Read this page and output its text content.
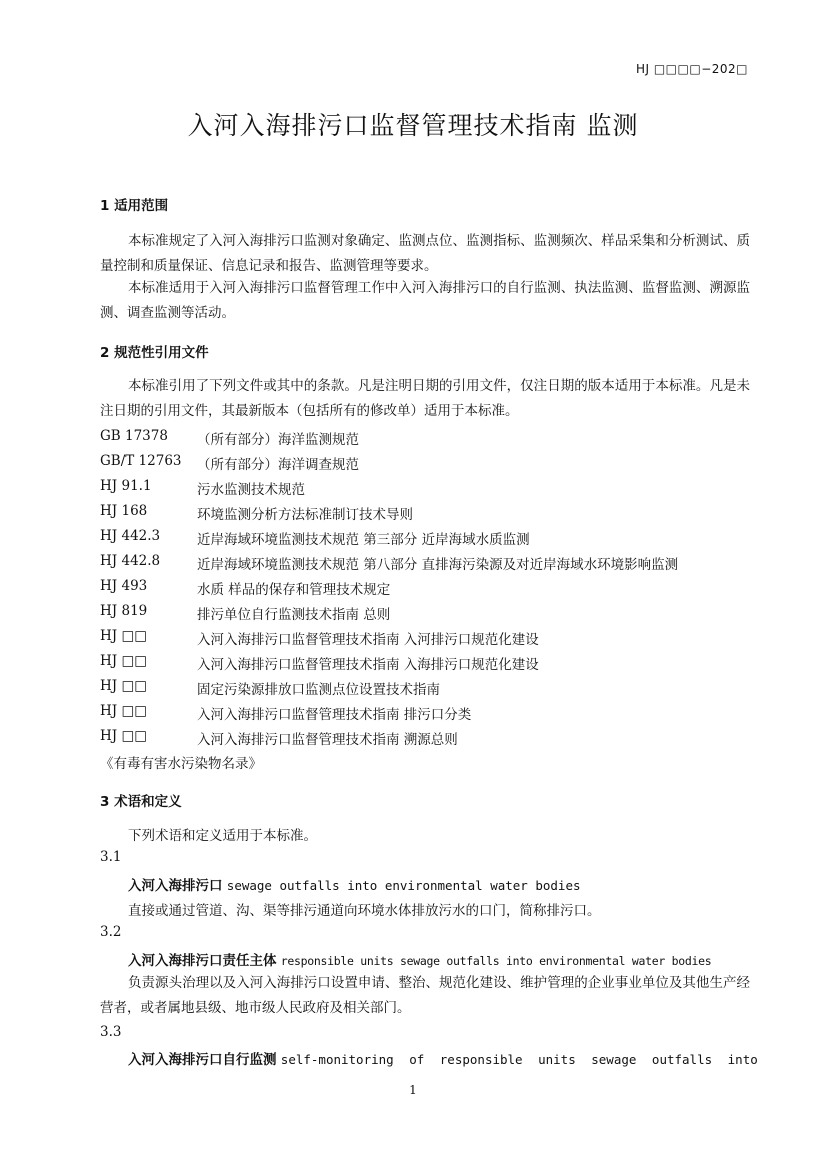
HJ □□□□−202□
入河入海排污口监督管理技术指南 监测
1 适用范围
本标准规定了入河入海排污口监测对象确定、监测点位、监测指标、监测频次、样品采集和分析测试、质量控制和质量保证、信息记录和报告、监测管理等要求。
本标准适用于入河入海排污口监督管理工作中入河入海排污口的自行监测、执法监测、监督监测、溯源监测、调查监测等活动。
2 规范性引用文件
本标准引用了下列文件或其中的条款。凡是注明日期的引用文件，仅注日期的版本适用于本标准。凡是未注日期的引用文件，其最新版本（包括所有的修改单）适用于本标准。
GB 17378 （所有部分）海洋监测规范
GB/T 12763 （所有部分）海洋调查规范
HJ 91.1	污水监测技术规范
HJ 168	环境监测分析方法标准制订技术导则
HJ 442.3	近岸海域环境监测技术规范 第三部分 近岸海域水质监测
HJ 442.8	近岸海域环境监测技术规范 第八部分 直排海污染源及对近岸海域水环境影响监测
HJ 493	水质 样品的保存和管理技术规定
HJ 819	排污单位自行监测技术指南 总则
HJ □□	入河入海排污口监督管理技术指南 入河排污口规范化建设
HJ □□	入河入海排污口监督管理技术指南 入海排污口规范化建设
HJ □□	固定污染源排放口监测点位设置技术指南
HJ □□	入河入海排污口监督管理技术指南 排污口分类
HJ □□	入河入海排污口监督管理技术指南 溯源总则
《有毒有害水污染物名录》
3 术语和定义
下列术语和定义适用于本标准。
3.1
入河入海排污口 sewage outfalls into environmental water bodies
直接或通过管道、沟、渠等排污通道向环境水体排放污水的口门，简称排污口。
3.2
入河入海排污口责任主体 responsible units sewage outfalls into environmental water bodies
负责源头治理以及入河入海排污口设置申请、整治、规范化建设、维护管理的企业事业单位及其他生产经营者，或者属地县级、地市级人民政府及相关部门。
3.3
入河入海排污口自行监测 self-monitoring of responsible units sewage outfalls into
1
